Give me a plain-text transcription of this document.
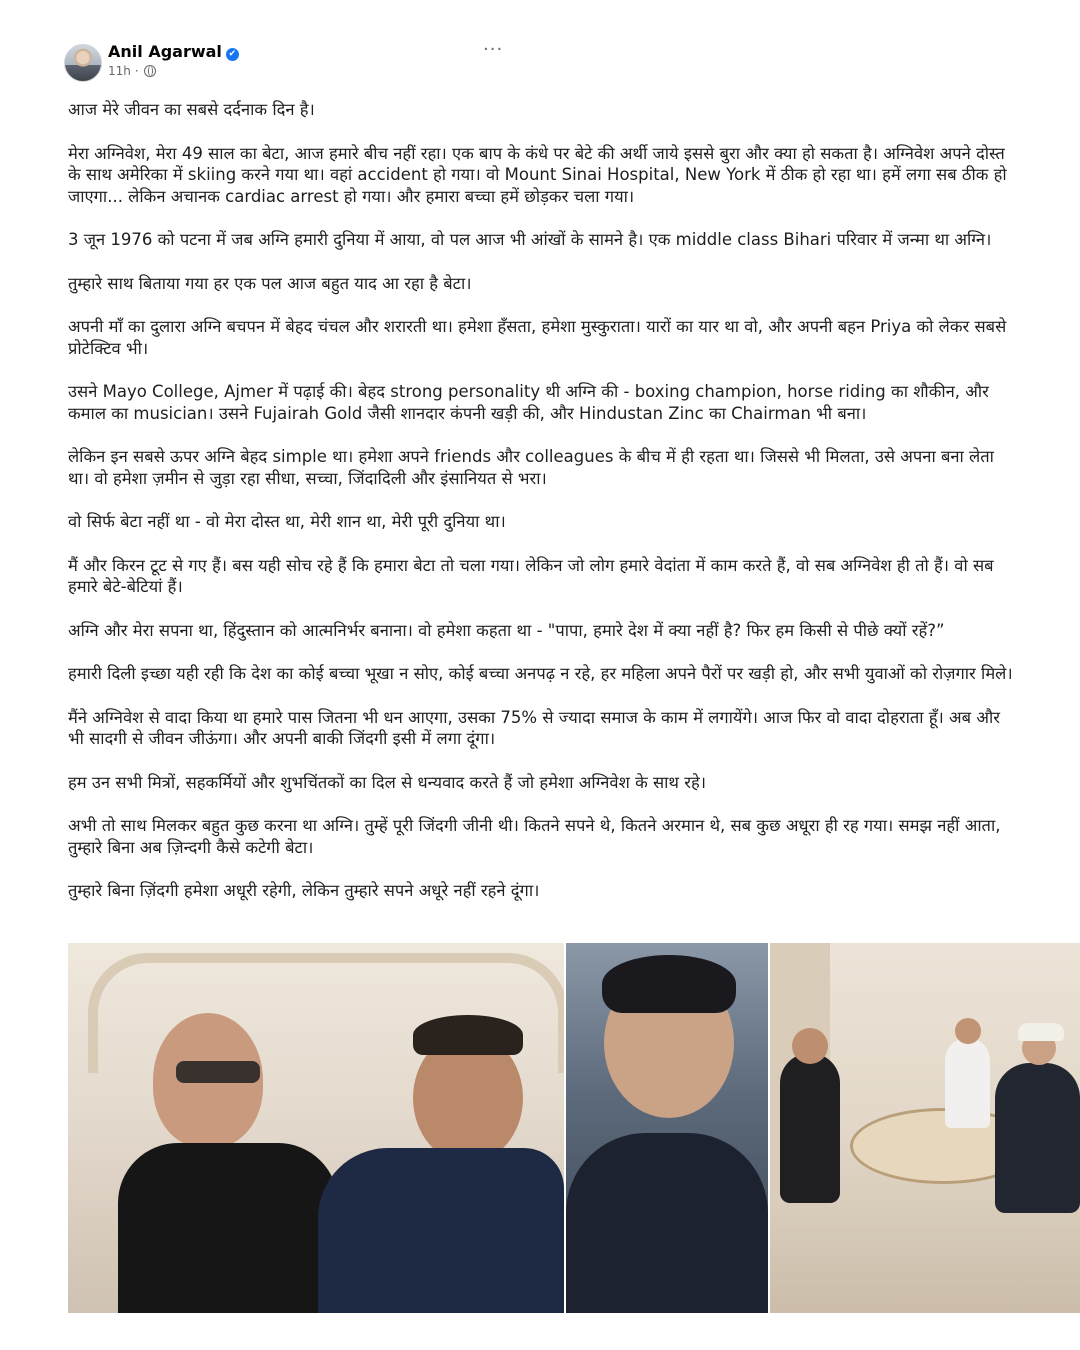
Anil Agarwal ✔
11h ·
···

आज मेरे जीवन का सबसे दर्दनाक दिन है।

मेरा अग्निवेश, मेरा 49 साल का बेटा, आज हमारे बीच नहीं रहा। एक बाप के कंधे पर बेटे की अर्थी जाये इससे बुरा और क्या हो सकता है। अग्निवेश अपने दोस्त के साथ अमेरिका में skiing करने गया था। वहां accident हो गया। वो Mount Sinai Hospital, New York में ठीक हो रहा था। हमें लगा सब ठीक हो जाएगा... लेकिन अचानक cardiac arrest हो गया। और हमारा बच्चा हमें छोड़कर चला गया।

3 जून 1976 को पटना में जब अग्नि हमारी दुनिया में आया, वो पल आज भी आंखों के सामने है। एक middle class Bihari परिवार में जन्मा था अग्नि।

तुम्हारे साथ बिताया गया हर एक पल आज बहुत याद आ रहा है बेटा।

अपनी माँ का दुलारा अग्नि बचपन में बेहद चंचल और शरारती था। हमेशा हँसता, हमेशा मुस्कुराता। यारों का यार था वो, और अपनी बहन Priya को लेकर सबसे प्रोटेक्टिव भी।

उसने Mayo College, Ajmer में पढ़ाई की। बेहद strong personality थी अग्नि की - boxing champion, horse riding का शौकीन, और कमाल का musician। उसने Fujairah Gold जैसी शानदार कंपनी खड़ी की, और Hindustan Zinc का Chairman भी बना।

लेकिन इन सबसे ऊपर अग्नि बेहद simple था। हमेशा अपने friends और colleagues के बीच में ही रहता था। जिससे भी मिलता, उसे अपना बना लेता था। वो हमेशा ज़मीन से जुड़ा रहा सीधा, सच्चा, जिंदादिली और इंसानियत से भरा।

वो सिर्फ बेटा नहीं था - वो मेरा दोस्त था, मेरी शान था, मेरी पूरी दुनिया था।

मैं और किरन टूट से गए हैं। बस यही सोच रहे हैं कि हमारा बेटा तो चला गया। लेकिन जो लोग हमारे वेदांता में काम करते हैं, वो सब अग्निवेश ही तो हैं। वो सब हमारे बेटे-बेटियां हैं।

अग्नि और मेरा सपना था, हिंदुस्तान को आत्मनिर्भर बनाना। वो हमेशा कहता था - "पापा, हमारे देश में क्या नहीं है? फिर हम किसी से पीछे क्यों रहें?”

हमारी दिली इच्छा यही रही कि देश का कोई बच्चा भूखा न सोए, कोई बच्चा अनपढ़ न रहे, हर महिला अपने पैरों पर खड़ी हो, और सभी युवाओं को रोज़गार मिले।

मैंने अग्निवेश से वादा किया था हमारे पास जितना भी धन आएगा, उसका 75% से ज्यादा समाज के काम में लगायेंगे। आज फिर वो वादा दोहराता हूँ। अब और भी सादगी से जीवन जीऊंगा। और अपनी बाकी जिंदगी इसी में लगा दूंगा।

हम उन सभी मित्रों, सहकर्मियों और शुभचिंतकों का दिल से धन्यवाद करते हैं जो हमेशा अग्निवेश के साथ रहे।

अभी तो साथ मिलकर बहुत कुछ करना था अग्नि। तुम्हें पूरी जिंदगी जीनी थी। कितने सपने थे, कितने अरमान थे, सब कुछ अधूरा ही रह गया। समझ नहीं आता, तुम्हारे बिना अब ज़िन्दगी कैसे कटेगी बेटा।

तुम्हारे बिना ज़िंदगी हमेशा अधूरी रहेगी, लेकिन तुम्हारे सपने अधूरे नहीं रहने दूंगा।
